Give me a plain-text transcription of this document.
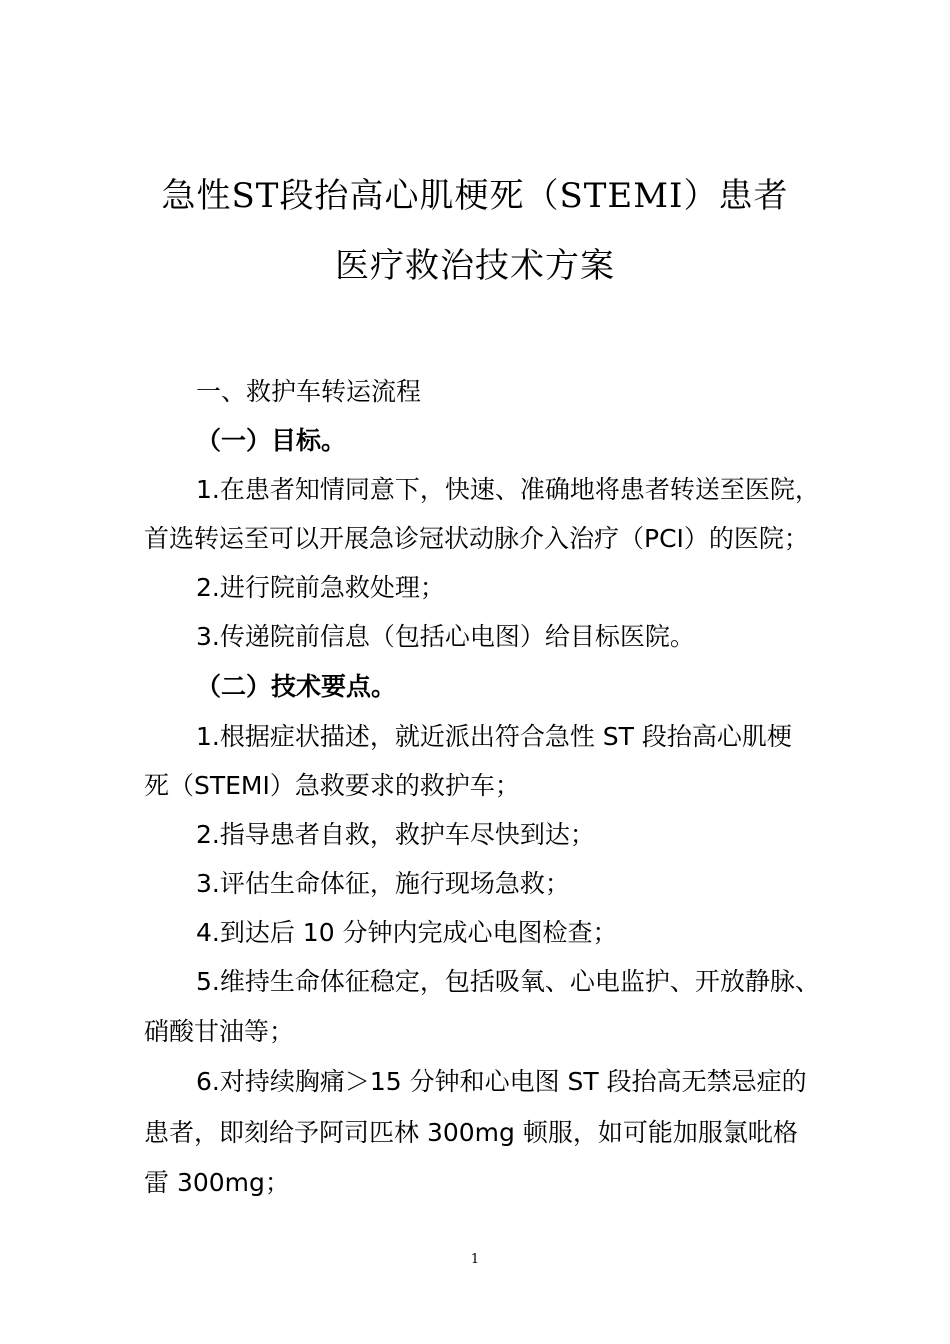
急性ST段抬高心肌梗死（STEMI）患者
医疗救治技术方案
一、救护车转运流程
（一）目标。
1.在患者知情同意下，快速、准确地将患者转送至医院，
首选转运至可以开展急诊冠状动脉介入治疗（PCI）的医院；
2.进行院前急救处理；
3.传递院前信息（包括心电图）给目标医院。
（二）技术要点。
1.根据症状描述，就近派出符合急性 ST 段抬高心肌梗
死（STEMI）急救要求的救护车；
2.指导患者自救，救护车尽快到达；
3.评估生命体征，施行现场急救；
4.到达后 10 分钟内完成心电图检查；
5.维持生命体征稳定，包括吸氧、心电监护、开放静脉、
硝酸甘油等；
6.对持续胸痛＞15 分钟和心电图 ST 段抬高无禁忌症的
患者，即刻给予阿司匹林 300mg 顿服，如可能加服氯吡格
雷 300mg；
1
